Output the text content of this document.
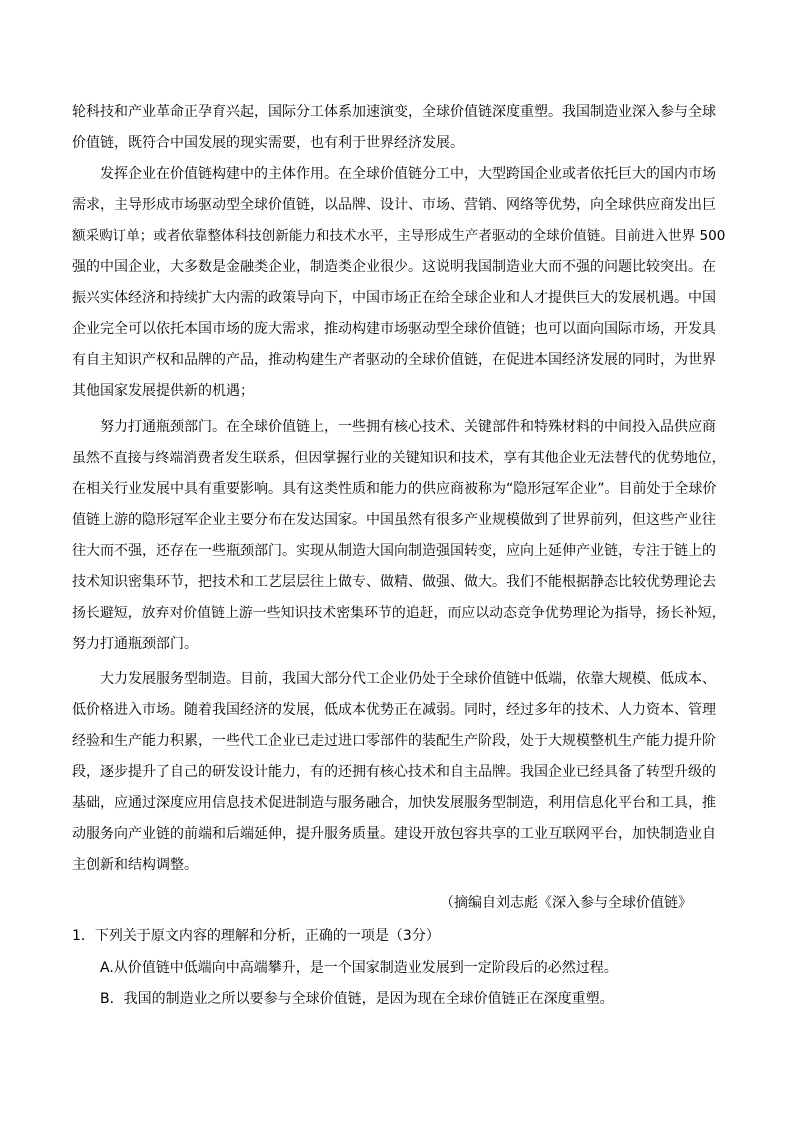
轮科技和产业革命正孕育兴起，国际分工体系加速演变，全球价值链深度重塑。我国制造业深入参与全球
价值链，既符合中国发展的现实需要，也有利于世界经济发展。
发挥企业在价值链构建中的主体作用。在全球价值链分工中，大型跨国企业或者依托巨大的国内市场
需求，主导形成市场驱动型全球价值链，以品牌、设计、市场、营销、网络等优势，向全球供应商发出巨
额采购订单；或者依靠整体科技创新能力和技术水平，主导形成生产者驱动的全球价值链。目前进入世界 500
强的中国企业，大多数是金融类企业，制造类企业很少。这说明我国制造业大而不强的问题比较突出。在
振兴实体经济和持续扩大内需的政策导向下，中国市场正在给全球企业和人才提供巨大的发展机遇。中国
企业完全可以依托本国市场的庞大需求，推动构建市场驱动型全球价值链；也可以面向国际市场，开发具
有自主知识产权和品牌的产品，推动构建生产者驱动的全球价值链，在促进本国经济发展的同时，为世界
其他国家发展提供新的机遇；
努力打通瓶颈部门。在全球价值链上，一些拥有核心技术、关键部件和特殊材料的中间投入品供应商
虽然不直接与终端消费者发生联系，但因掌握行业的关键知识和技术，享有其他企业无法替代的优势地位，
在相关行业发展中具有重要影响。具有这类性质和能力的供应商被称为“隐形冠军企业”。目前处于全球价
值链上游的隐形冠军企业主要分布在发达国家。中国虽然有很多产业规模做到了世界前列，但这些产业往
往大而不强，还存在一些瓶颈部门。实现从制造大国向制造强国转变，应向上延伸产业链，专注于链上的
技术知识密集环节，把技术和工艺层层往上做专、做精、做强、做大。我们不能根据静态比较优势理论去
扬长避短，放弃对价值链上游一些知识技术密集环节的追赶，而应以动态竞争优势理论为指导，扬长补短，
努力打通瓶颈部门。
大力发展服务型制造。目前，我国大部分代工企业仍处于全球价值链中低端，依靠大规模、低成本、
低价格进入市场。随着我国经济的发展，低成本优势正在减弱。同时，经过多年的技术、人力资本、管理
经验和生产能力积累，一些代工企业已走过进口零部件的装配生产阶段，处于大规模整机生产能力提升阶
段，逐步提升了自己的研发设计能力，有的还拥有核心技术和自主品牌。我国企业已经具备了转型升级的
基础，应通过深度应用信息技术促进制造与服务融合，加快发展服务型制造，利用信息化平台和工具，推
动服务向产业链的前端和后端延伸，提升服务质量。建设开放包容共享的工业互联网平台，加快制造业自
主创新和结构调整。
（摘编自刘志彪《深入参与全球价值链》
1．下列关于原文内容的理解和分析，正确的一项是（3分）
A.从价值链中低端向中高端攀升，是一个国家制造业发展到一定阶段后的必然过程。
B．我国的制造业之所以要参与全球价值链，是因为现在全球价值链正在深度重塑。
